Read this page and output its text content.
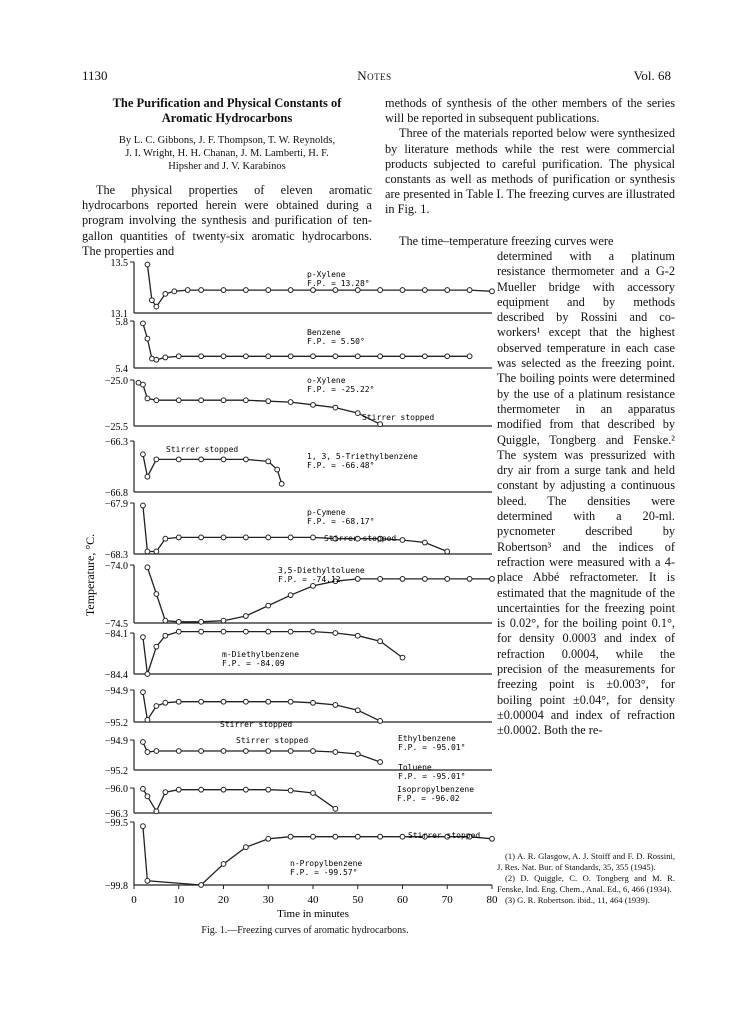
1130	Notes	Vol. 68
The Purification and Physical Constants of
Aromatic Hydrocarbons
By L. C. Gibbons, J. F. Thompson, T. W. Reynolds,
J. I. Wright, H. H. Chanan, J. M. Lamberti, H. F.
Hipsher and J. V. Karabinos

The physical properties of eleven aromatic hydrocarbons reported herein were obtained during a program involving the synthesis and purification of ten-gallon quantities of twenty-six aromatic hydrocarbons. The properties and

methods of synthesis of the other members of the series will be reported in subsequent publications.

Three of the materials reported below were synthesized by literature methods while the rest were commercial products subjected to careful purification. The physical constants as well as methods of purification or synthesis are presented in Table I. The freezing curves are illustrated in Fig. 1.

The time–temperature freezing curves were
determined with a platinum resistance thermometer and a G-2 Mueller bridge with accessory equipment and by methods described by Rossini and co-workers¹ except that the highest observed temperature in each case was selected as the freezing point. The boiling points were determined by the use of a platinum resistance thermometer in an apparatus modified from that described by Quiggle, Tongberg and Fenske.² The system was pressurized with dry air from a surge tank and held constant by adjusting a continuous bleed. The densities were determined with a 20-ml. pycnometer described by Robertson³ and the indices of refraction were measured with a 4-place Abbé refractometer. It is estimated that the magnitude of the uncertainties for the freezing point is 0.02°, for the boiling point 0.1°, for density 0.0003 and index of refraction 0.0004, while the precision of the measurements for freezing point is ±0.003°, for boiling point ±0.04°, for density ±0.00004 and index of refraction ±0.0002. Both the re-
(1) A. R. Glasgow, A. J. Stoiff and F. D. Rossini, J. Res. Nat. Bur. of Standards, 35, 355 (1945).
(2) D. Quiggle, C. O. Tongberg and M. R. Fenske, Ind. Eng. Chem., Anal. Ed., 6, 466 (1934).
(3) G. R. Robertson. ibid., 11, 464 (1939).
13.5
13.1
p-Xylene
F.P. = 13.28°
5.8
5.4
Benzene
F.P. = 5.50°
−25.0
−25.5
o-Xylene
F.P. = -25.22°
Stirrer stopped
−66.3
−66.8
1, 3, 5-Triethylbenzene
F.P. = -66.48°
Stirrer stopped
−67.9
−68.3
p-Cymene
F.P. = -68.17°
Stirrer stopped
−74.0
−74.5
3,5-Diethyltoluene
F.P. = -74.12
−84.1
−84.4
m-Diethylbenzene
F.P. = -84.09
−94.9
−95.2
Ethylbenzene
F.P. = -95.01°
Stirrer stopped
−94.9
−95.2	Toluene
F.P. = -95.01°
Stirrer stopped
−96.0
−96.3
Isopropylbenzene
F.P. = -96.02
−99.5
−99.8
n-Propylbenzene
F.P. = -99.57°
Stirrer stopped
0	10	20	30	40	50	60	70	80
Time in minutes
Temperature, °C.
Fig. 1.—Freezing curves of aromatic hydrocarbons.
